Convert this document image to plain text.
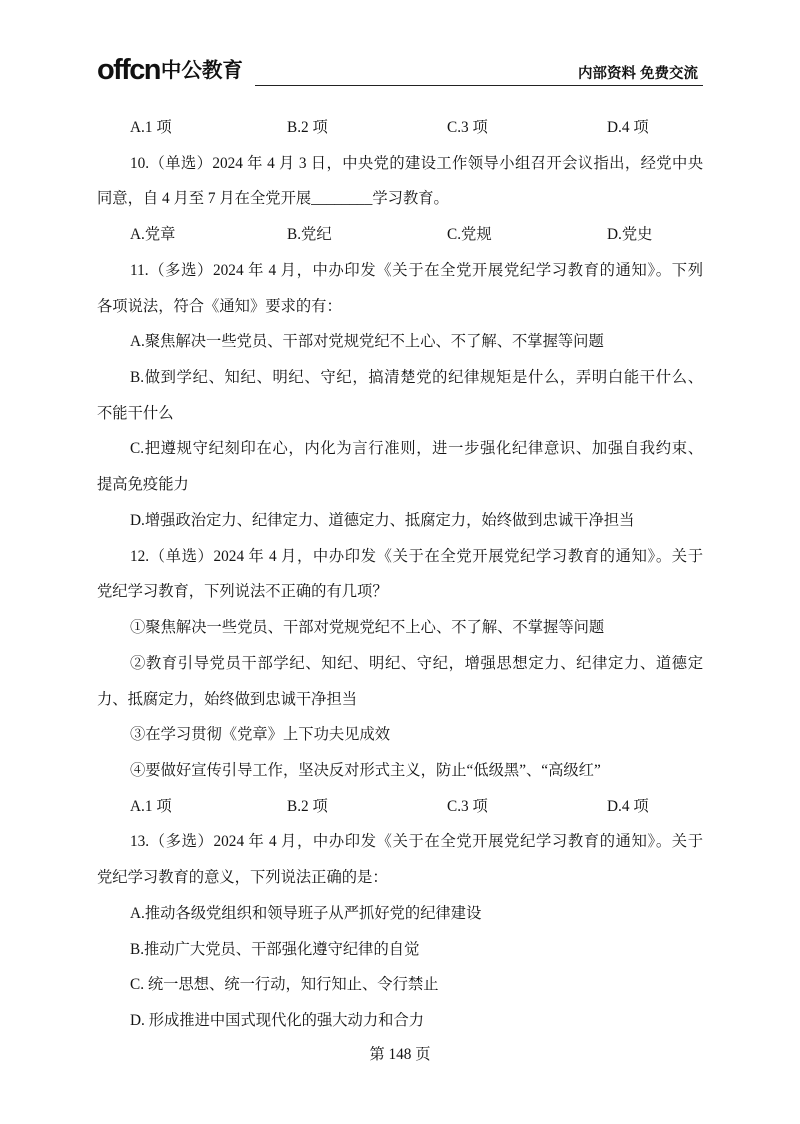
offcn中公教育	内部资料 免费交流
A.1 项	B.2 项	C.3 项	D.4 项
10.（单选）2024 年 4 月 3 日，中央党的建设工作领导小组召开会议指出，经党中央
同意，自 4 月至 7 月在全党开展________学习教育。
A.党章	B.党纪	C.党规	D.党史
11.（多选）2024 年 4 月，中办印发《关于在全党开展党纪学习教育的通知》。下列
各项说法，符合《通知》要求的有：
A.聚焦解决一些党员、干部对党规党纪不上心、不了解、不掌握等问题
B.做到学纪、知纪、明纪、守纪，搞清楚党的纪律规矩是什么，弄明白能干什么、
不能干什么
C.把遵规守纪刻印在心，内化为言行准则，进一步强化纪律意识、加强自我约束、
提高免疫能力
D.增强政治定力、纪律定力、道德定力、抵腐定力，始终做到忠诚干净担当
12.（单选）2024 年 4 月，中办印发《关于在全党开展党纪学习教育的通知》。关于
党纪学习教育，下列说法不正确的有几项？
①聚焦解决一些党员、干部对党规党纪不上心、不了解、不掌握等问题
②教育引导党员干部学纪、知纪、明纪、守纪，增强思想定力、纪律定力、道德定
力、抵腐定力，始终做到忠诚干净担当
③在学习贯彻《党章》上下功夫见成效
④要做好宣传引导工作，坚决反对形式主义，防止“低级黑”、“高级红”
A.1 项	B.2 项	C.3 项	D.4 项
13.（多选）2024 年 4 月，中办印发《关于在全党开展党纪学习教育的通知》。关于
党纪学习教育的意义，下列说法正确的是：
A.推动各级党组织和领导班子从严抓好党的纪律建设
B.推动广大党员、干部强化遵守纪律的自觉
C. 统一思想、统一行动，知行知止、令行禁止
D. 形成推进中国式现代化的强大动力和合力
第 148 页
